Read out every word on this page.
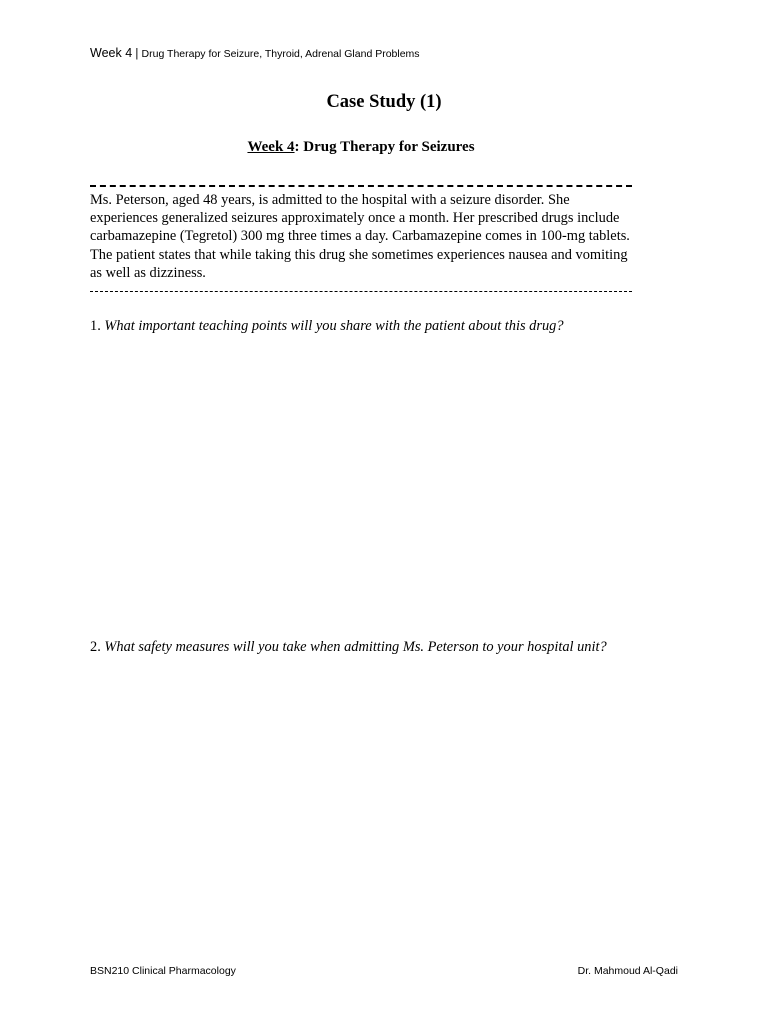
Week 4 | Drug Therapy for Seizure, Thyroid, Adrenal Gland Problems
Case Study (1)
Week 4: Drug Therapy for Seizures

Ms. Peterson, aged 48 years, is admitted to the hospital with a seizure disorder. She experiences generalized seizures approximately once a month. Her prescribed drugs include carbamazepine (Tegretol) 300 mg three times a day. Carbamazepine comes in 100-mg tablets. The patient states that while taking this drug she sometimes experiences nausea and vomiting as well as dizziness.

1. What important teaching points will you share with the patient about this drug?
2. What safety measures will you take when admitting Ms. Peterson to your hospital unit?
BSN210 Clinical Pharmacology	Dr. Mahmoud Al-Qadi
